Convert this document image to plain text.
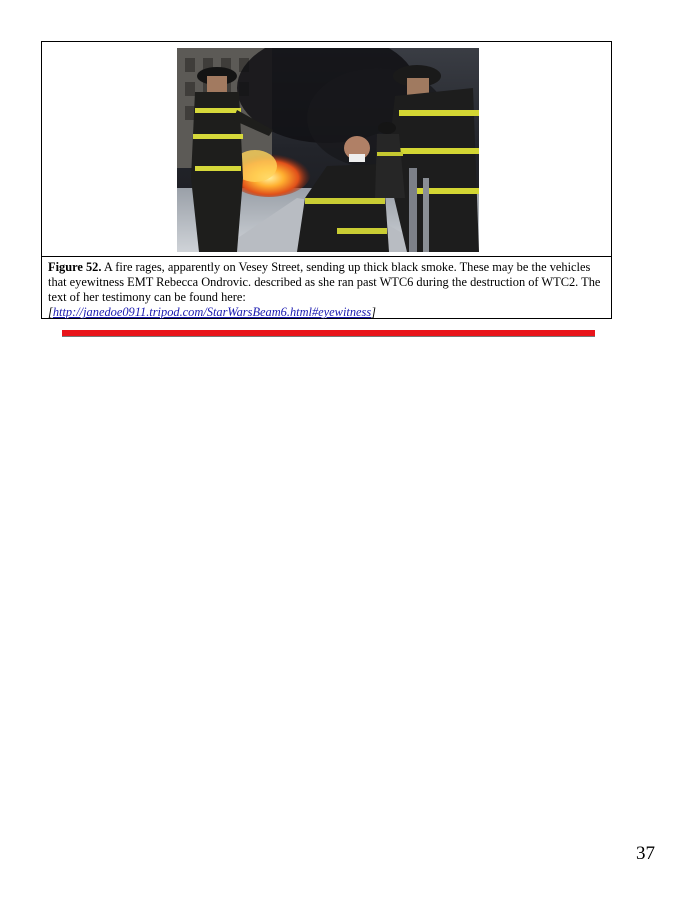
Figure 52. A fire rages, apparently on Vesey Street, sending up thick black smoke. These may be the vehicles that eyewitness EMT Rebecca Ondrovic. described as she ran past WTC6 during the destruction of WTC2. The text of her testimony can be found here:
[http://janedoe0911.tripod.com/StarWarsBeam6.html#eyewitness]
37
